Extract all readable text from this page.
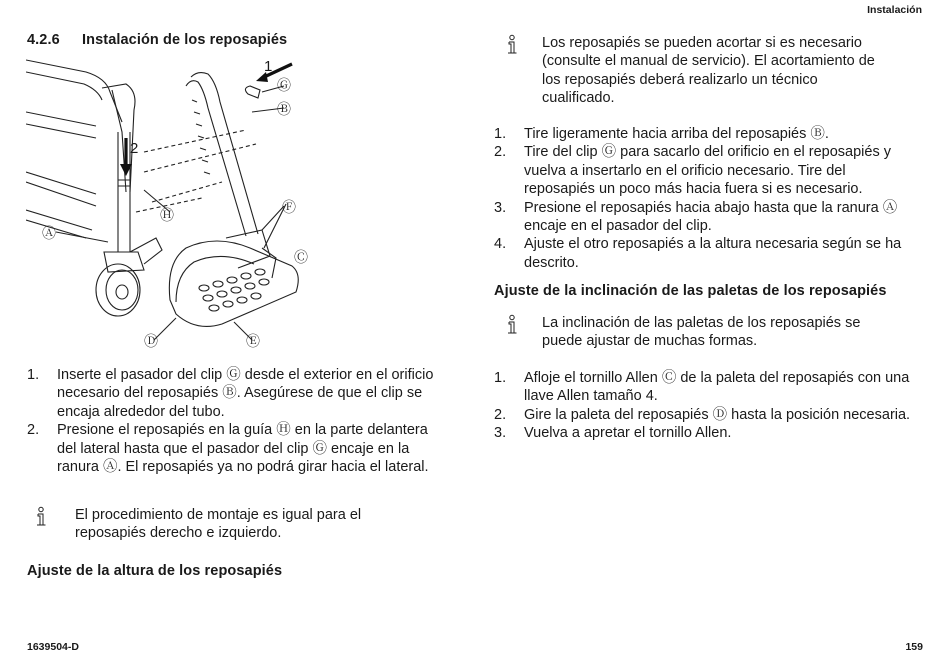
Instalación
4.2.6 Instalación de los reposapiés
1
2
Ⓖ
Ⓑ
Ⓕ
Ⓒ
Ⓗ
Ⓐ
Ⓓ	Ⓔ
1. Inserte el pasador del clip Ⓖ desde el exterior en el orificio necesario del reposapiés Ⓑ. Asegúrese de que el clip se encaja alrededor del tubo.
2. Presione el reposapiés en la guía Ⓗ en la parte delantera del lateral hasta que el pasador del clip Ⓖ encaje en la ranura Ⓐ. El reposapiés ya no podrá girar hacia el lateral.
El procedimiento de montaje es igual para el reposapiés derecho e izquierdo.
Ajuste de la altura de los reposapiés
Los reposapiés se pueden acortar si es necesario (consulte el manual de servicio). El acortamiento de los reposapiés deberá realizarlo un técnico cualificado.
1. Tire ligeramente hacia arriba del reposapiés Ⓑ.
2. Tire del clip Ⓖ para sacarlo del orificio en el reposapiés y vuelva a insertarlo en el orificio necesario. Tire del reposapiés un poco más hacia fuera si es necesario.
3. Presione el reposapiés hacia abajo hasta que la ranura Ⓐ encaje en el pasador del clip.
4. Ajuste el otro reposapiés a la altura necesaria según se ha descrito.
Ajuste de la inclinación de las paletas de los reposapiés
La inclinación de las paletas de los reposapiés se puede ajustar de muchas formas.
1. Afloje el tornillo Allen Ⓒ de la paleta del reposapiés con una llave Allen tamaño 4.
2. Gire la paleta del reposapiés Ⓓ hasta la posición necesaria.
3. Vuelva a apretar el tornillo Allen.
1639504-D	159
